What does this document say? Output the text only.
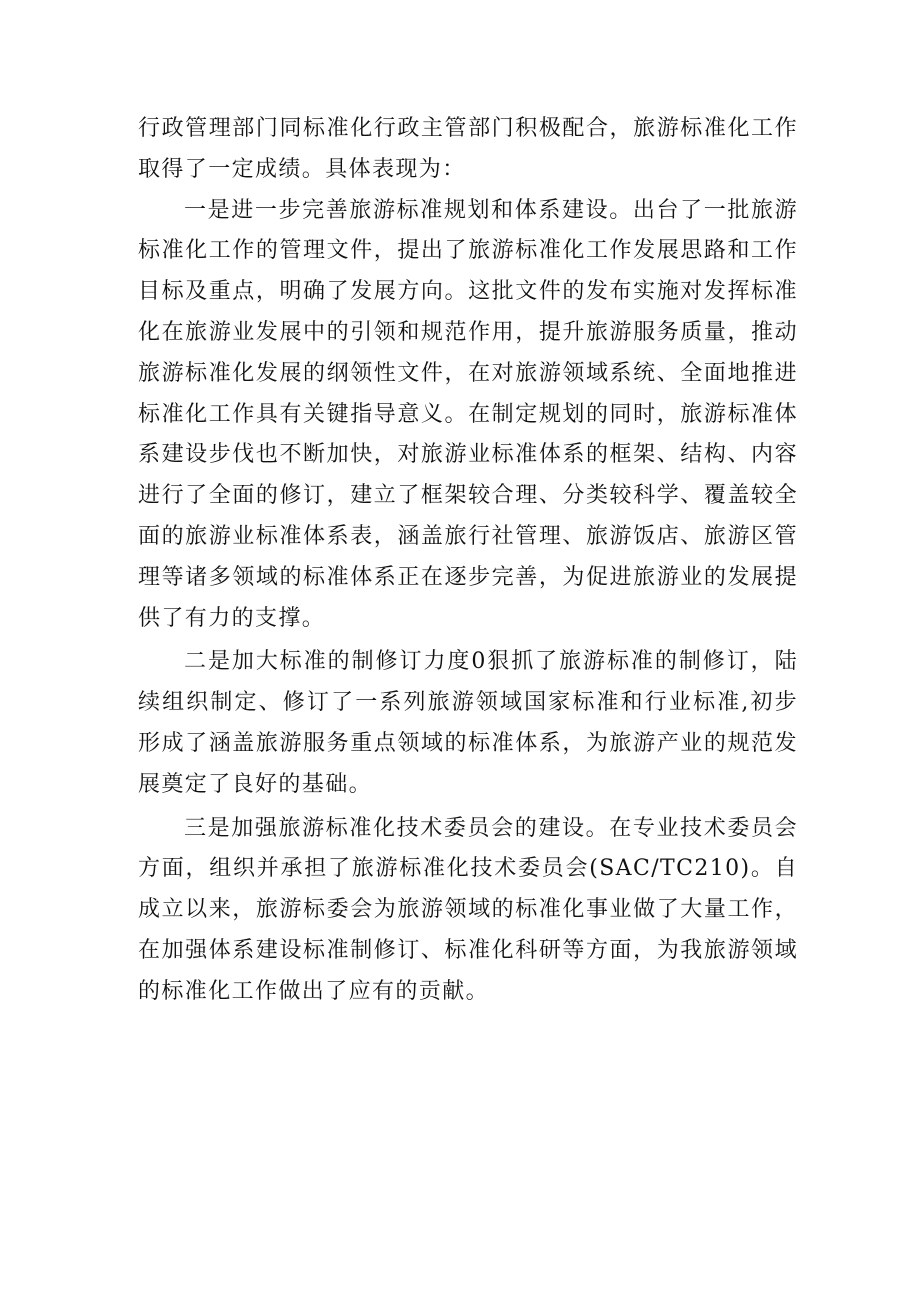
行政管理部门同标准化行政主管部门积极配合，旅游标准化工作取得了一定成绩。具体表现为：

一是进一步完善旅游标准规划和体系建设。出台了一批旅游标准化工作的管理文件，提出了旅游标准化工作发展思路和工作目标及重点，明确了发展方向。这批文件的发布实施对发挥标准化在旅游业发展中的引领和规范作用，提升旅游服务质量，推动旅游标准化发展的纲领性文件，在对旅游领域系统、全面地推进标准化工作具有关键指导意义。在制定规划的同时，旅游标准体系建设步伐也不断加快，对旅游业标准体系的框架、结构、内容进行了全面的修订，建立了框架较合理、分类较科学、覆盖较全面的旅游业标准体系表，涵盖旅行社管理、旅游饭店、旅游区管理等诸多领域的标准体系正在逐步完善，为促进旅游业的发展提供了有力的支撑。

二是加大标准的制修订力度0狠抓了旅游标准的制修订，陆续组织制定、修订了一系列旅游领域国家标准和行业标准,初步形成了涵盖旅游服务重点领域的标准体系，为旅游产业的规范发展奠定了良好的基础。

三是加强旅游标准化技术委员会的建设。在专业技术委员会方面，组织并承担了旅游标准化技术委员会(SAC/TC210)。自成立以来，旅游标委会为旅游领域的标准化事业做了大量工作，在加强体系建设标准制修订、标准化科研等方面，为我旅游领域的标准化工作做出了应有的贡献。
